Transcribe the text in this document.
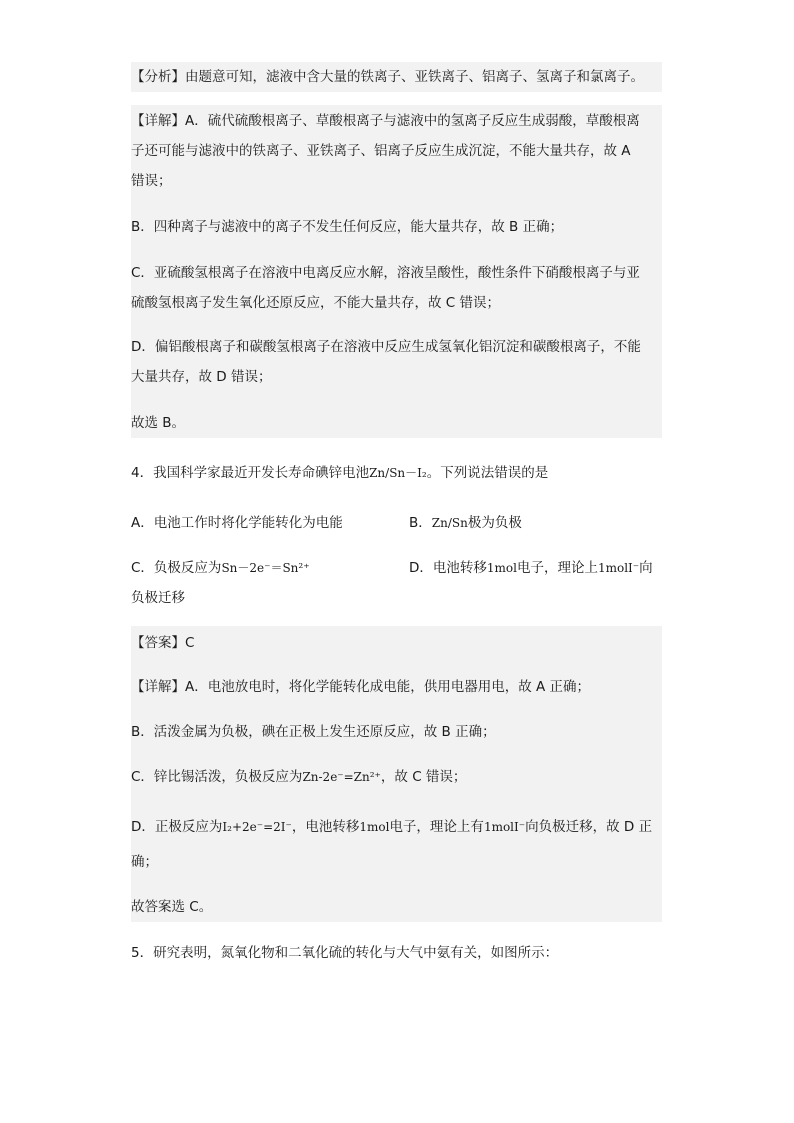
【分析】由题意可知，滤液中含大量的铁离子、亚铁离子、铝离子、氢离子和氯离子。
【详解】A．硫代硫酸根离子、草酸根离子与滤液中的氢离子反应生成弱酸，草酸根离
子还可能与滤液中的铁离子、亚铁离子、铝离子反应生成沉淀，不能大量共存，故 A
错误；
B．四种离子与滤液中的离子不发生任何反应，能大量共存，故 B 正确；
C．亚硫酸氢根离子在溶液中电离反应水解，溶液呈酸性，酸性条件下硝酸根离子与亚
硫酸氢根离子发生氧化还原反应，不能大量共存，故 C 错误；
D．偏铝酸根离子和碳酸氢根离子在溶液中反应生成氢氧化铝沉淀和碳酸根离子，不能
大量共存，故 D 错误；
故选 B。
4．我国科学家最近开发长寿命碘锌电池Zn/Sn－I₂。下列说法错误的是
A．电池工作时将化学能转化为电能	B．Zn/Sn极为负极
C．负极反应为Sn－2e⁻＝Sn²⁺	D．电池转移1mol电子，理论上1molI⁻向
负极迁移
【答案】C
【详解】A．电池放电时，将化学能转化成电能，供用电器用电，故 A 正确；
B．活泼金属为负极，碘在正极上发生还原反应，故 B 正确；
C．锌比锡活泼，负极反应为Zn-2e⁻=Zn²⁺，故 C 错误；
D．正极反应为I₂+2e⁻=2I⁻，电池转移1mol电子，理论上有1molI⁻向负极迁移，故 D 正
确；
故答案选 C。
5．研究表明，氮氧化物和二氧化硫的转化与大气中氨有关，如图所示：
